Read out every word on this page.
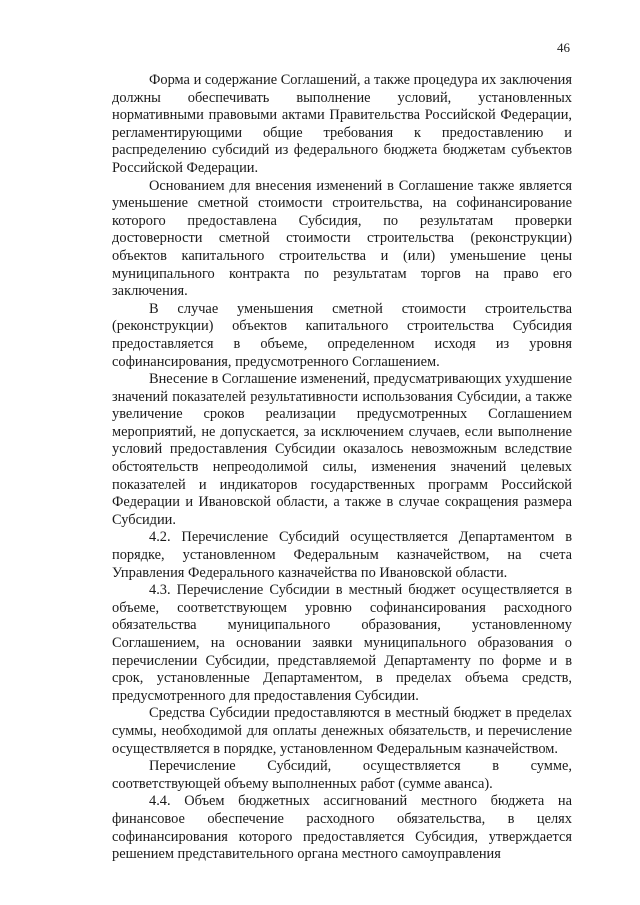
46

Форма и содержание Соглашений, а также процедура их заключения должны обеспечивать выполнение условий, установленных нормативными правовыми актами Правительства Российской Федерации, регламентирующими общие требования к предоставлению и распределению субсидий из федерального бюджета бюджетам субъектов Российской Федерации.

Основанием для внесения изменений в Соглашение также является уменьшение сметной стоимости строительства, на софинансирование которого предоставлена Субсидия, по результатам проверки достоверности сметной стоимости строительства (реконструкции) объектов капитального строительства и (или) уменьшение цены муниципального контракта по результатам торгов на право его заключения.

В случае уменьшения сметной стоимости строительства (реконструкции) объектов капитального строительства Субсидия предоставляется в объеме, определенном исходя из уровня софинансирования, предусмотренного Соглашением.

Внесение в Соглашение изменений, предусматривающих ухудшение значений показателей результативности использования Субсидии, а также увеличение сроков реализации предусмотренных Соглашением мероприятий, не допускается, за исключением случаев, если выполнение условий предоставления Субсидии оказалось невозможным вследствие обстоятельств непреодолимой силы, изменения значений целевых показателей и индикаторов государственных программ Российской Федерации и Ивановской области, а также в случае сокращения размера Субсидии.

4.2. Перечисление Субсидий осуществляется Департаментом в порядке, установленном Федеральным казначейством, на счета Управления Федерального казначейства по Ивановской области.

4.3. Перечисление Субсидии в местный бюджет осуществляется в объеме, соответствующем уровню софинансирования расходного обязательства муниципального образования, установленному Соглашением, на основании заявки муниципального образования о перечислении Субсидии, представляемой Департаменту по форме и в срок, установленные Департаментом, в пределах объема средств, предусмотренного для предоставления Субсидии.

Средства Субсидии предоставляются в местный бюджет в пределах суммы, необходимой для оплаты денежных обязательств, и перечисление осуществляется в порядке, установленном Федеральным казначейством.

Перечисление Субсидий, осуществляется в сумме, соответствующей объему выполненных работ (сумме аванса).

4.4. Объем бюджетных ассигнований местного бюджета на финансовое обеспечение расходного обязательства, в целях софинансирования которого предоставляется Субсидия, утверждается решением представительного органа местного самоуправления
